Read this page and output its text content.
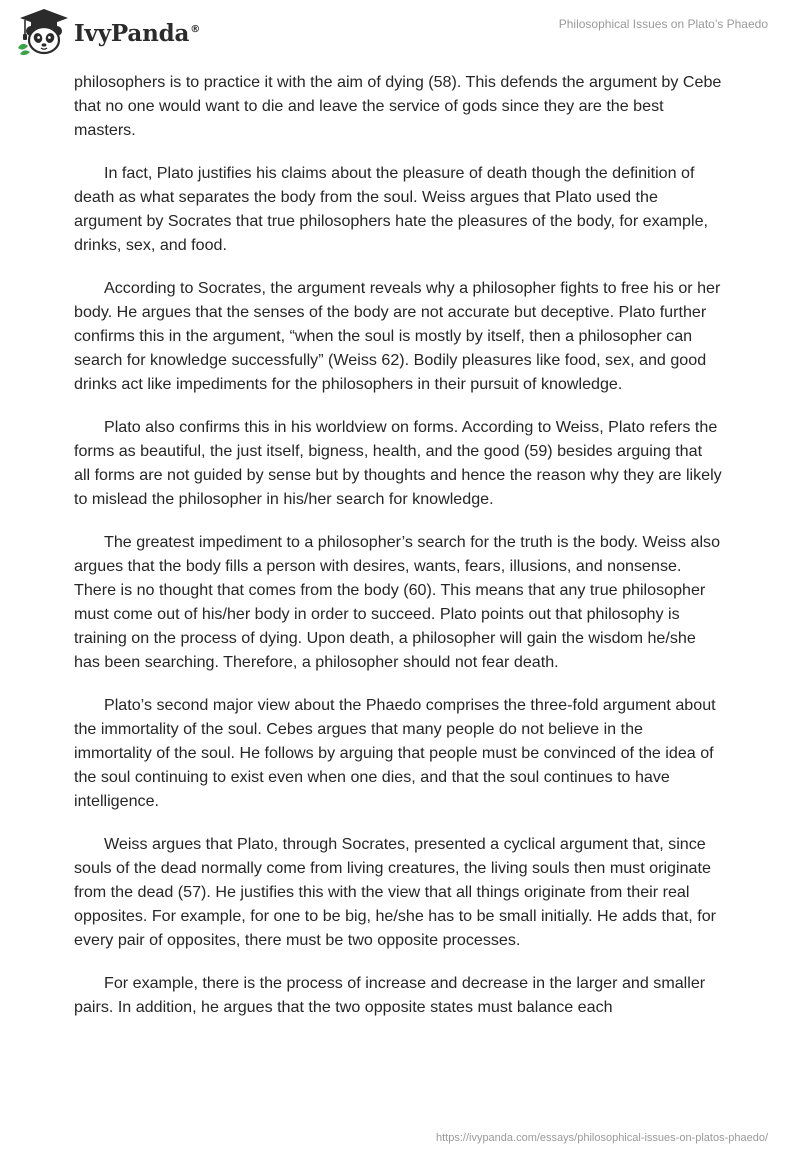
IvyPanda®	Philosophical Issues on Plato’s Phaedo

philosophers is to practice it with the aim of dying (58). This defends the argument by Cebe that no one would want to die and leave the service of gods since they are the best masters.

In fact, Plato justifies his claims about the pleasure of death though the definition of death as what separates the body from the soul. Weiss argues that Plato used the argument by Socrates that true philosophers hate the pleasures of the body, for example, drinks, sex, and food.

According to Socrates, the argument reveals why a philosopher fights to free his or her body. He argues that the senses of the body are not accurate but deceptive. Plato further confirms this in the argument, “when the soul is mostly by itself, then a philosopher can search for knowledge successfully” (Weiss 62). Bodily pleasures like food, sex, and good drinks act like impediments for the philosophers in their pursuit of knowledge.

Plato also confirms this in his worldview on forms. According to Weiss, Plato refers the forms as beautiful, the just itself, bigness, health, and the good (59) besides arguing that all forms are not guided by sense but by thoughts and hence the reason why they are likely to mislead the philosopher in his/her search for knowledge.

The greatest impediment to a philosopher’s search for the truth is the body. Weiss also argues that the body fills a person with desires, wants, fears, illusions, and nonsense. There is no thought that comes from the body (60). This means that any true philosopher must come out of his/her body in order to succeed. Plato points out that philosophy is training on the process of dying. Upon death, a philosopher will gain the wisdom he/she has been searching. Therefore, a philosopher should not fear death.

Plato’s second major view about the Phaedo comprises the three-fold argument about the immortality of the soul. Cebes argues that many people do not believe in the immortality of the soul. He follows by arguing that people must be convinced of the idea of the soul continuing to exist even when one dies, and that the soul continues to have intelligence.

Weiss argues that Plato, through Socrates, presented a cyclical argument that, since souls of the dead normally come from living creatures, the living souls then must originate from the dead (57). He justifies this with the view that all things originate from their real opposites. For example, for one to be big, he/she has to be small initially. He adds that, for every pair of opposites, there must be two opposite processes.

For example, there is the process of increase and decrease in the larger and smaller pairs. In addition, he argues that the two opposite states must balance each

https://ivypanda.com/essays/philosophical-issues-on-platos-phaedo/
